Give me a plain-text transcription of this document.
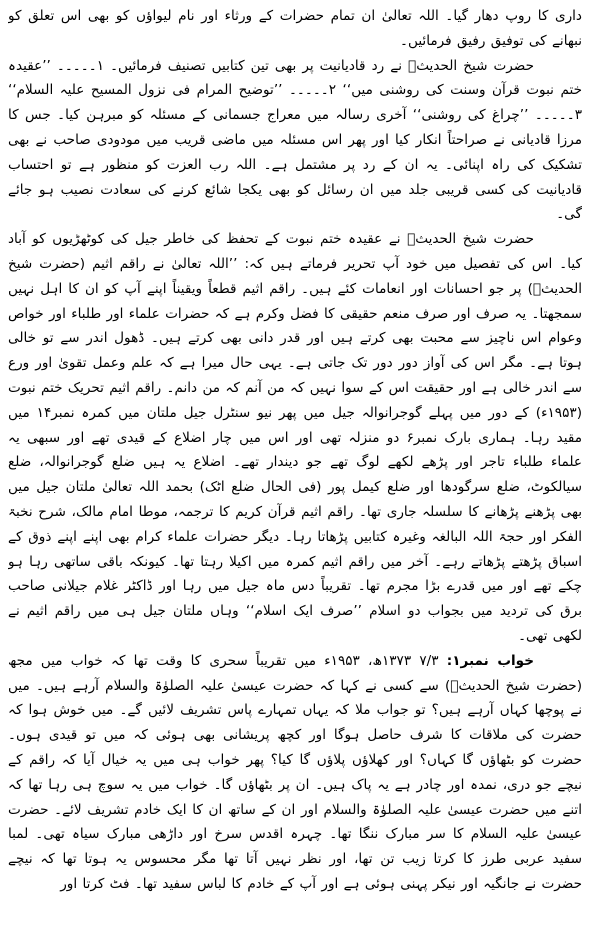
داری کا روپ دھار گیا۔ اللہ تعالیٰ ان تمام حضرات کے ورثاء اور نام لیواؤں کو بھی اس تعلق کو نبھانے کی توفیق رفیق فرمائیں۔

حضرت شیخ الحدیثؒ نے رد قادیانیت پر بھی تین کتابیں تصنیف فرمائیں۔ ۱۔۔۔۔۔ ’’عقیدہ ختم نبوت قرآن وسنت کی روشنی میں‘‘ ۲۔۔۔۔۔ ’’توضیح المرام فی نزول المسیح علیہ السلام‘‘ ۳۔۔۔۔۔ ’’چراغ کی روشنی‘‘ آخری رسالہ میں معراج جسمانی کے مسئلہ کو مبرہن کیا۔ جس کا مرزا قادیانی نے صراحتاً انکار کیا اور پھر اس مسئلہ میں ماضی قریب میں مودودی صاحب نے بھی تشکیک کی راہ اپنائی۔ یہ ان کے رد پر مشتمل ہے۔ اللہ رب العزت کو منظور ہے تو احتساب قادیانیت کی کسی قریبی جلد میں ان رسائل کو بھی یکجا شائع کرنے کی سعادت نصیب ہو جائے گی۔

حضرت شیخ الحدیثؒ نے عقیدہ ختم نبوت کے تحفظ کی خاطر جیل کی کوٹھڑیوں کو آباد کیا۔ اس کی تفصیل میں خود آپ تحریر فرماتے ہیں کہ: ’’اللہ تعالیٰ نے راقم اثیم (حضرت شیخ الحدیثؒ) پر جو احسانات اور انعامات کئے ہیں۔ راقم اثیم قطعاً ویقیناً اپنے آپ کو ان کا اہل نہیں سمجھتا۔ یہ صرف اور صرف منعم حقیقی کا فضل وکرم ہے کہ حضرات علماء اور طلباء اور خواص وعوام اس ناچیز سے محبت بھی کرتے ہیں اور قدر دانی بھی کرتے ہیں۔ ڈھول اندر سے تو خالی ہوتا ہے۔ مگر اس کی آواز دور دور تک جاتی ہے۔ یہی حال میرا ہے کہ علم وعمل تقویٰ اور ورع سے اندر خالی ہے اور حقیقت اس کے سوا نہیں کہ من آنم کہ من دانم۔ راقم اثیم تحریک ختم نبوت (۱۹۵۳ء) کے دور میں پہلے گوجرانوالہ جیل میں پھر نیو سنٹرل جیل ملتان میں کمرہ نمبر۱۴ میں مقید رہا۔ ہماری بارک نمبر۶ دو منزلہ تھی اور اس میں چار اضلاع کے قیدی تھے اور سبھی یہ علماء طلباء تاجر اور پڑھے لکھے لوگ تھے جو دیندار تھے۔ اضلاع یہ ہیں ضلع گوجرانوالہ، ضلع سیالکوٹ، ضلع سرگودھا اور ضلع کیمل پور (فی الحال ضلع اٹک) بحمد اللہ تعالیٰ ملتان جیل میں بھی پڑھنے پڑھانے کا سلسلہ جاری تھا۔ راقم اثیم قرآن کریم کا ترجمہ، موطا امام مالک، شرح نخبۃ الفکر اور حجۃ اللہ البالغہ وغیرہ کتابیں پڑھاتا رہا۔ دیگر حضرات علماء کرام بھی اپنے اپنے ذوق کے اسباق پڑھتے پڑھاتے رہے۔ آخر میں راقم اثیم کمرہ میں اکیلا رہتا تھا۔ کیونکہ باقی ساتھی رہا ہو چکے تھے اور میں قدرے بڑا مجرم تھا۔ تقریباً دس ماہ جیل میں رہا اور ڈاکٹر غلام جیلانی صاحب برق کی تردید میں بجواب دو اسلام ’’صرف ایک اسلام‘‘ وہاں ملتان جیل ہی میں راقم اثیم نے لکھی تھی۔

خواب نمبر۱: ۷/۳ ۱۳۷۳ھ، ۱۹۵۳ء میں تقریباً سحری کا وقت تھا کہ خواب میں مجھ (حضرت شیخ الحدیثؒ) سے کسی نے کہا کہ حضرت عیسیٰ علیہ الصلوٰۃ والسلام آرہے ہیں۔ میں نے پوچھا کہاں آرہے ہیں؟ تو جواب ملا کہ یہاں تمہارے پاس تشریف لائیں گے۔ میں خوش ہوا کہ حضرت کی ملاقات کا شرف حاصل ہوگا اور کچھ پریشانی بھی ہوئی کہ میں تو قیدی ہوں۔ حضرت کو بٹھاؤں گا کہاں؟ اور کھلاؤں پلاؤں گا کیا؟ پھر خواب ہی میں یہ خیال آیا کہ راقم کے نیچے جو دری، نمدہ اور چادر ہے یہ پاک ہیں۔ ان پر بٹھاؤں گا۔ خواب میں یہ سوچ ہی رہا تھا کہ اتنے میں حضرت عیسیٰ علیہ الصلوٰۃ والسلام اور ان کے ساتھ ان کا ایک خادم تشریف لائے۔ حضرت عیسیٰ علیہ السلام کا سر مبارک ننگا تھا۔ چہرہ اقدس سرخ اور داڑھی مبارک سیاہ تھی۔ لمبا سفید عربی طرز کا کرتا زیب تن تھا، اور نظر نہیں آتا تھا مگر محسوس یہ ہوتا تھا کہ نیچے حضرت نے جانگیہ اور نیکر پہنی ہوئی ہے اور آپ کے خادم کا لباس سفید تھا۔ فٹ کرتا اور
